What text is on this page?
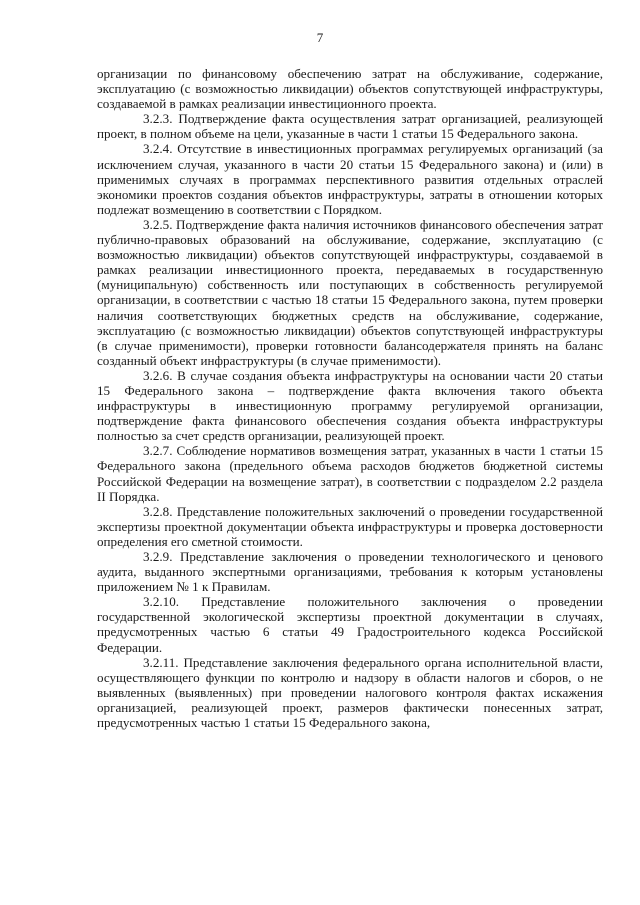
7

организации по финансовому обеспечению затрат на обслуживание, содержание, эксплуатацию (с возможностью ликвидации) объектов сопутствующей инфраструктуры, создаваемой в рамках реализации инвестиционного проекта.

3.2.3. Подтверждение факта осуществления затрат организацией, реализующей проект, в полном объеме на цели, указанные в части 1 статьи 15 Федерального закона.

3.2.4. Отсутствие в инвестиционных программах регулируемых организаций (за исключением случая, указанного в части 20 статьи 15 Федерального закона) и (или) в применимых случаях в программах перспективного развития отдельных отраслей экономики проектов создания объектов инфраструктуры, затраты в отношении которых подлежат возмещению в соответствии с Порядком.

3.2.5. Подтверждение факта наличия источников финансового обеспечения затрат публично-правовых образований на обслуживание, содержание, эксплуатацию (с возможностью ликвидации) объектов сопутствующей инфраструктуры, создаваемой в рамках реализации инвестиционного проекта, передаваемых в государственную (муниципальную) собственность или поступающих в собственность регулируемой организации, в соответствии с частью 18 статьи 15 Федерального закона, путем проверки наличия соответствующих бюджетных средств на обслуживание, содержание, эксплуатацию (с возможностью ликвидации) объектов сопутствующей инфраструктуры (в случае применимости), проверки готовности балансодержателя принять на баланс созданный объект инфраструктуры (в случае применимости).

3.2.6. В случае создания объекта инфраструктуры на основании части 20 статьи 15 Федерального закона – подтверждение факта включения такого объекта инфраструктуры в инвестиционную программу регулируемой организации, подтверждение факта финансового обеспечения создания объекта инфраструктуры полностью за счет средств организации, реализующей проект.

3.2.7. Соблюдение нормативов возмещения затрат, указанных в части 1 статьи 15 Федерального закона (предельного объема расходов бюджетов бюджетной системы Российской Федерации на возмещение затрат), в соответствии с подразделом 2.2 раздела II Порядка.

3.2.8. Представление положительных заключений о проведении государственной экспертизы проектной документации объекта инфраструктуры и проверка достоверности определения его сметной стоимости.

3.2.9. Представление заключения о проведении технологического и ценового аудита, выданного экспертными организациями, требования к которым установлены приложением № 1 к Правилам.

3.2.10. Представление положительного заключения о проведении государственной экологической экспертизы проектной документации в случаях, предусмотренных частью 6 статьи 49 Градостроительного кодекса Российской Федерации.

3.2.11. Представление заключения федерального органа исполнительной власти, осуществляющего функции по контролю и надзору в области налогов и сборов, о не выявленных (выявленных) при проведении налогового контроля фактах искажения организацией, реализующей проект, размеров фактически понесенных затрат, предусмотренных частью 1 статьи 15 Федерального закона,
